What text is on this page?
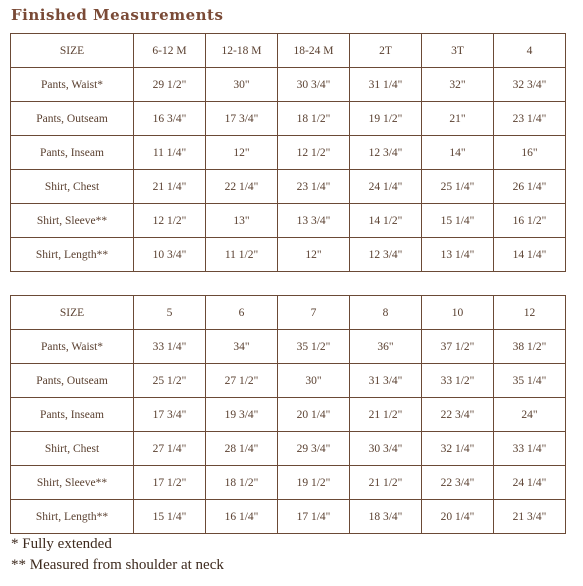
Finished Measurements
SIZE	6-12 M	12-18 M	18-24 M	2T	3T	4
Pants, Waist*	29 1/2"	30"	30 3/4"	31 1/4"	32"	32 3/4"
Pants, Outseam	16 3/4"	17 3/4"	18 1/2"	19 1/2"	21"	23 1/4"
Pants, Inseam	11 1/4"	12"	12 1/2"	12 3/4"	14"	16"
Shirt, Chest	21 1/4"	22 1/4"	23 1/4"	24 1/4"	25 1/4"	26 1/4"
Shirt, Sleeve**	12 1/2"	13"	13 3/4"	14 1/2"	15 1/4"	16 1/2"
Shirt, Length**	10 3/4"	11 1/2"	12"	12 3/4"	13 1/4"	14 1/4"
SIZE	5	6	7	8	10	12
Pants, Waist*	33 1/4"	34"	35 1/2"	36"	37 1/2"	38 1/2"
Pants, Outseam	25 1/2"	27 1/2"	30"	31 3/4"	33 1/2"	35 1/4"
Pants, Inseam	17 3/4"	19 3/4"	20 1/4"	21 1/2"	22 3/4"	24"
Shirt, Chest	27 1/4"	28 1/4"	29 3/4"	30 3/4"	32 1/4"	33 1/4"
Shirt, Sleeve**	17 1/2"	18 1/2"	19 1/2"	21 1/2"	22 3/4"	24 1/4"
Shirt, Length**	15 1/4"	16 1/4"	17 1/4"	18 3/4"	20 1/4"	21 3/4"
* Fully extended
** Measured from shoulder at neck
